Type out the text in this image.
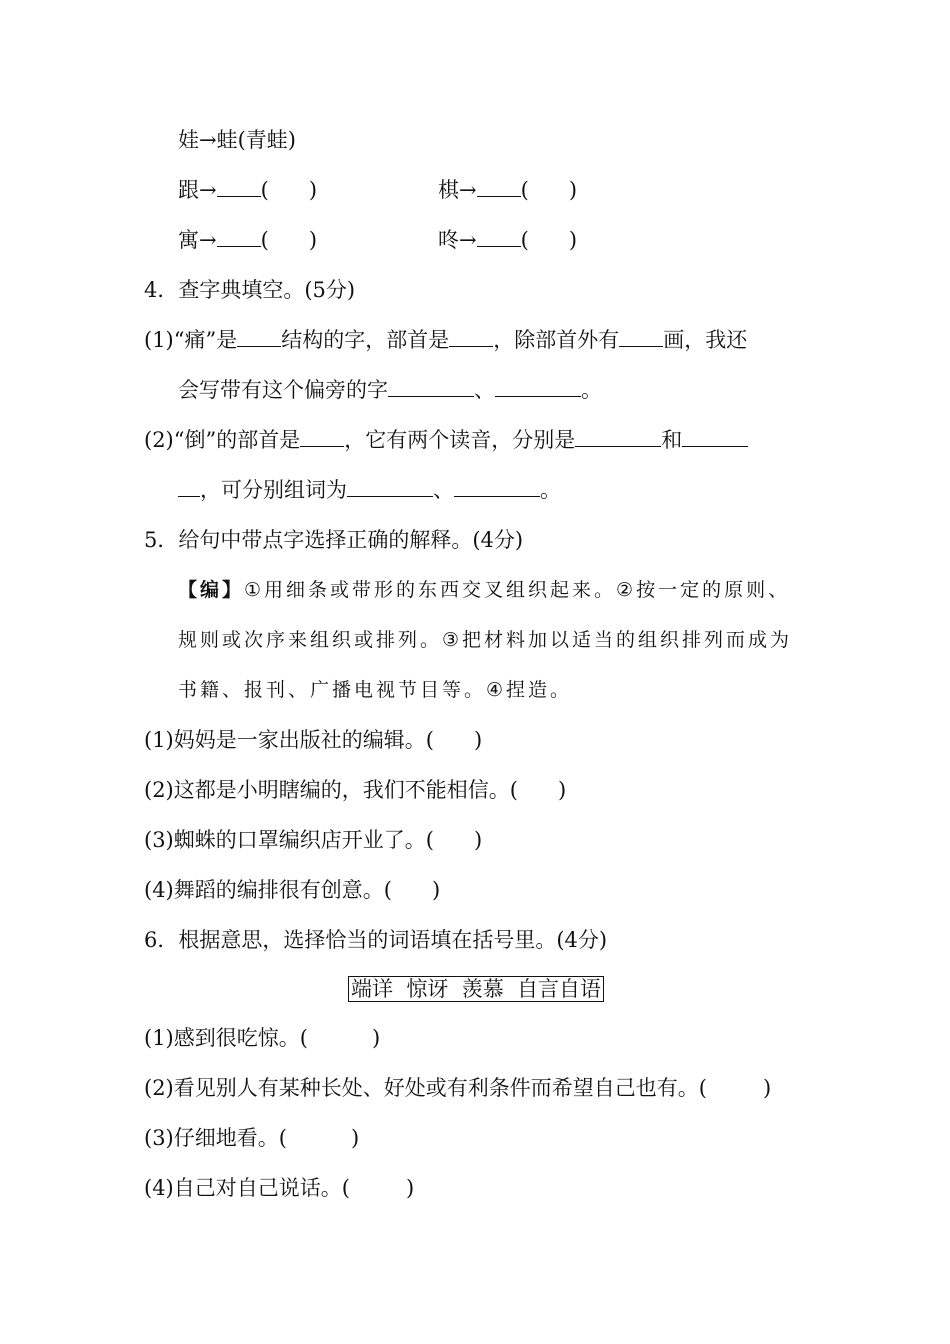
娃→蛙(青蛙)
跟→ ( )	棋→ ( )
寓→ ( )	咚→ ( )
4．查字典填空。(5分)
(1)“痛”是 结构的字，部首是 ，除部首外有 画，我还
会写带有这个偏旁的字	、	。
(2)“倒”的部首是 ，它有两个读音，分别是	和
，可分别组词为	、	。
5．给句中带点字选择正确的解释。(4分)
【编】①用细条或带形的东西交叉组织起来。②按一定的原则、
规则或次序来组织或排列。③把材料加以适当的组织排列而成为
书籍、报刊、广播电视节目等。④捏造。
(1)妈妈是一家出版社的编辑。( )
(2)这都是小明瞎编的，我们不能相信。( )
(3)蜘蛛的口罩编织店开业了。( )
(4)舞蹈的编排很有创意。( )
6．根据意思，选择恰当的词语填在括号里。(4分)
端详  惊讶  羡慕  自言自语
(1)感到很吃惊。(	)
(2)看见别人有某种长处、好处或有利条件而希望自己也有。(	)
(3)仔细地看。(	)
(4)自己对自己说话。(	)
